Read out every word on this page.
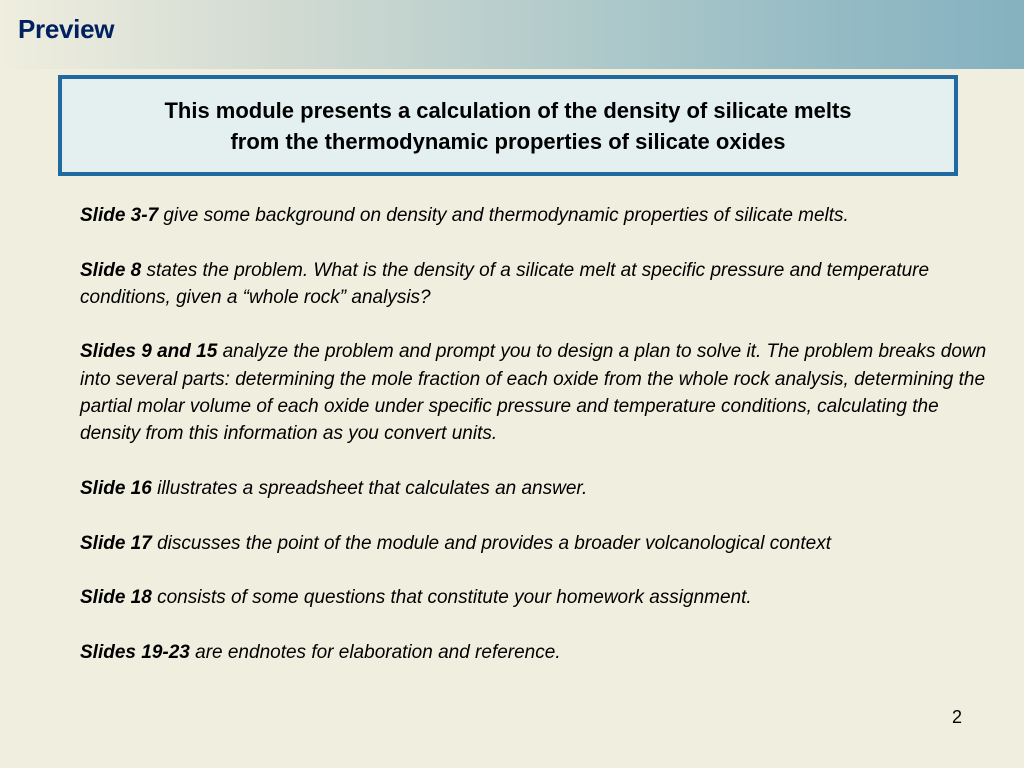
Preview
This module presents a calculation of the density of silicate melts
from the thermodynamic properties of silicate oxides

Slide 3-7 give some background on density and thermodynamic properties of silicate melts.

Slide 8 states the problem. What is the density of a silicate melt at specific pressure and temperature conditions, given a “whole rock” analysis?

Slides 9 and 15 analyze the problem and prompt you to design a plan to solve it. The problem breaks down into several parts: determining the mole fraction of each oxide from the whole rock analysis, determining the partial molar volume of each oxide under specific pressure and temperature conditions, calculating the density from this information as you convert units.

Slide 16 illustrates a spreadsheet that calculates an answer.

Slide 17 discusses the point of the module and provides a broader volcanological context

Slide 18 consists of some questions that constitute your homework assignment.

Slides 19-23 are endnotes for elaboration and reference.

2
